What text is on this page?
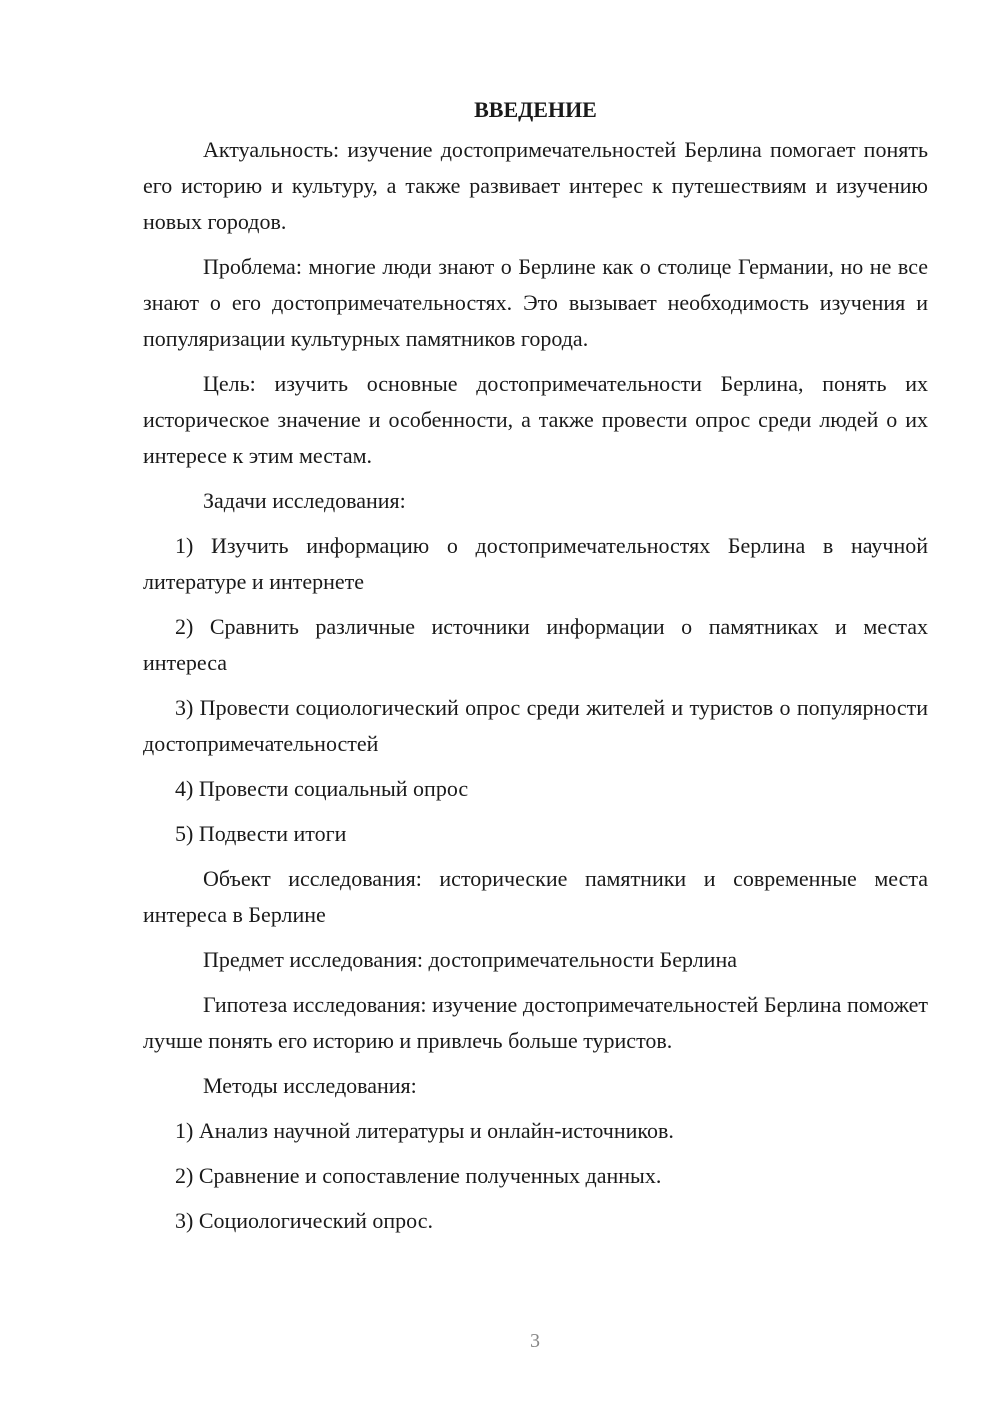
ВВЕДЕНИЕ

Актуальность: изучение достопримечательностей Берлина помогает понять его историю и культуру, а также развивает интерес к путешествиям и изучению новых городов.

Проблема: многие люди знают о Берлине как о столице Германии, но не все знают о его достопримечательностях. Это вызывает необходимость изучения и популяризации культурных памятников города.

Цель: изучить основные достопримечательности Берлина, понять их историческое значение и особенности, а также провести опрос среди людей о их интересе к этим местам.

Задачи исследования:

1) Изучить информацию о достопримечательностях Берлина в научной литературе и интернете

2) Сравнить различные источники информации о памятниках и местах интереса

3) Провести социологический опрос среди жителей и туристов о популярности достопримечательностей

4) Провести социальный опрос

5) Подвести итоги

Объект исследования: исторические памятники и современные места интереса в Берлине

Предмет исследования: достопримечательности Берлина

Гипотеза исследования: изучение достопримечательностей Берлина поможет лучше понять его историю и привлечь больше туристов.

Методы исследования:

1) Анализ научной литературы и онлайн-источников.

2) Сравнение и сопоставление полученных данных.

3) Социологический опрос.

3
